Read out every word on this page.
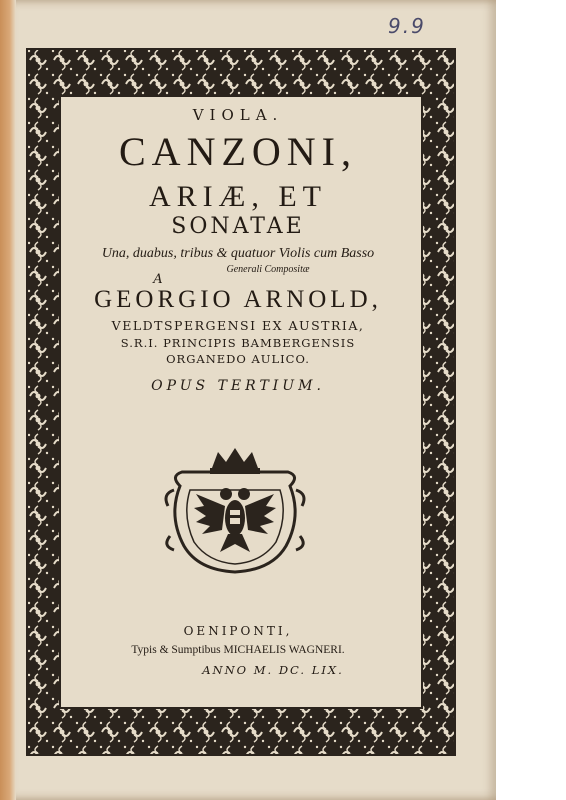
9.9
VIOLA.
CANZONI,
ARIÆ, ET
SONATAE
Una, duabus, tribus & quatuor Violis cum Basso
Generali Compositæ
A
GEORGIO ARNOLD,
VELDTSPERGENSI EX AUSTRIA,
S.R.I. PRINCIPIS BAMBERGENSIS
ORGANEDO AULICO.
OPUS TERTIUM.
OENIPONTI,
Typis & Sumptibus MICHAELIS WAGNERI.
ANNO M. DC. LIX.
